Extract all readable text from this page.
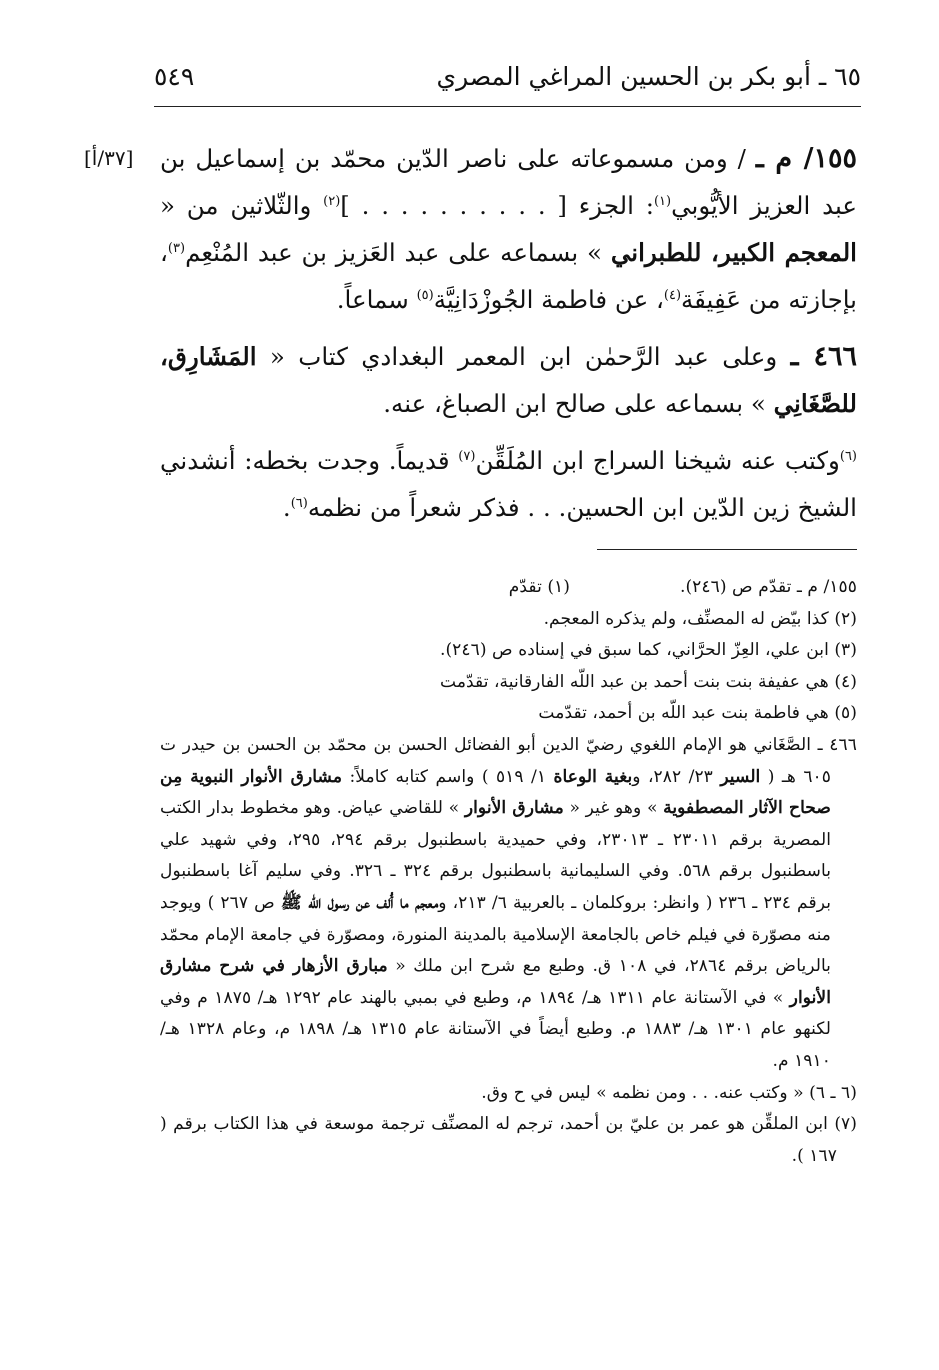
٦٥ ـ أبو بكر بن الحسين المراغي المصري
٥٤٩

[٣٧/أ]	١٥٥/ م ـ / ومن مسموعاته على ناصر الدّين محمّد بن إسماعيل بن عبد العزيز الأيُّوبي$^{(١)}$: الجزء [ . . . . . . . . . . ]$^{(٢)}$ والثّلاثين من « المعجم الكبير، للطبراني » بسماعه على عبد العَزيز بن عبد المُنْعِم$^{(٣)}$، بإجازته من عَفِيفَة$^{(٤)}$، عن فاطمة الجُوزْدَانِيَّة$^{(٥)}$ سماعاً.

٤٦٦ ـ وعلى عبد الرَّحمٰن ابن المعمر البغدادي كتاب « المَشَارِق، للصَّغَانِي » بسماعه على صالح ابن الصباغ، عنه.

$^{(٦)}$وكتب عنه شيخنا السراج ابن المُلَقِّن$^{(٧)}$ قديماً. وجدت بخطه: أنشدني الشيخ زين الدّين ابن الحسين. . . فذكر شعراً من نظمه$^{(٦)}$.

١٥٥/ م ـ تقدّم ص (٢٤٦).
(١) تقدّم

(٢) كذا بيّض له المصنِّف، ولم يذكره المعجم.

(٣) ابن علي، العِزّ الحرَّاني، كما سبق في إسناده ص (٢٤٦).

(٤) هي عفيفة بنت بنت أحمد بن عبد اللّه الفارقانية، تقدّمت

(٥) هي فاطمة بنت عبد اللّه بن أحمد، تقدّمت

٤٦٦ ـ الصَّغَاني هو الإمام اللغوي رضيّ الدين أبو الفضائل الحسن بن محمّد بن الحسن بن حيدر ت ٦٠٥ هـ ( السير ٢٣/ ٢٨٢، وبغية الوعاة ١/ ٥١٩ ) واسم كتابه كاملاً: مشارق الأنوار النبوية مِن صحاح الآثار المصطفوية » وهو غير « مشارق الأنوار » للقاضي عياض. وهو مخطوط بدار الكتب المصرية برقم ٢٣٠١١ ـ ٢٣٠١٣، وفي حميدية باسطنبول برقم ٢٩٤، ٢٩٥، وفي شهيد علي باسطنبول برقم ٥٦٨. وفي السليمانية باسطنبول برقم ٣٢٤ ـ ٣٢٦. وفي سليم آغا باسطنبول برقم ٢٣٤ ـ ٢٣٦ ( وانظر: بروكلمان ـ بالعربية ٦/ ٢١٣، ومعجم ما أُلف عن رسول اللّه ﷺ ص ٢٦٧ ) ويوجد منه مصوّرة في فيلم خاص بالجامعة الإسلامية بالمدينة المنورة، ومصوّرة في جامعة الإمام محمّد بالرياض برقم ٢٨٦٤، في ١٠٨ ق. وطبع مع شرح ابن ملك « مبارق الأزهار في شرح مشارق الأنوار » في الآستانة عام ١٣١١ هـ/ ١٨٩٤ م، وطبع في بمبي بالهند عام ١٢٩٢ هـ/ ١٨٧٥ م وفي لكنهو عام ١٣٠١ هـ/ ١٨٨٣ م. وطبع أيضاً في الآستانة عام ١٣١٥ هـ/ ١٨٩٨ م، وعام ١٣٢٨ هـ/ ١٩١٠ م.

(٦ ـ ٦) « وكتب عنه. . . ومن نظمه » ليس في ح وق.

(٧) ابن الملقِّن هو عمر بن عليّ بن أحمد، ترجم له المصنِّف ترجمة موسعة في هذا الكتاب برقم ( ١٦٧ ).
